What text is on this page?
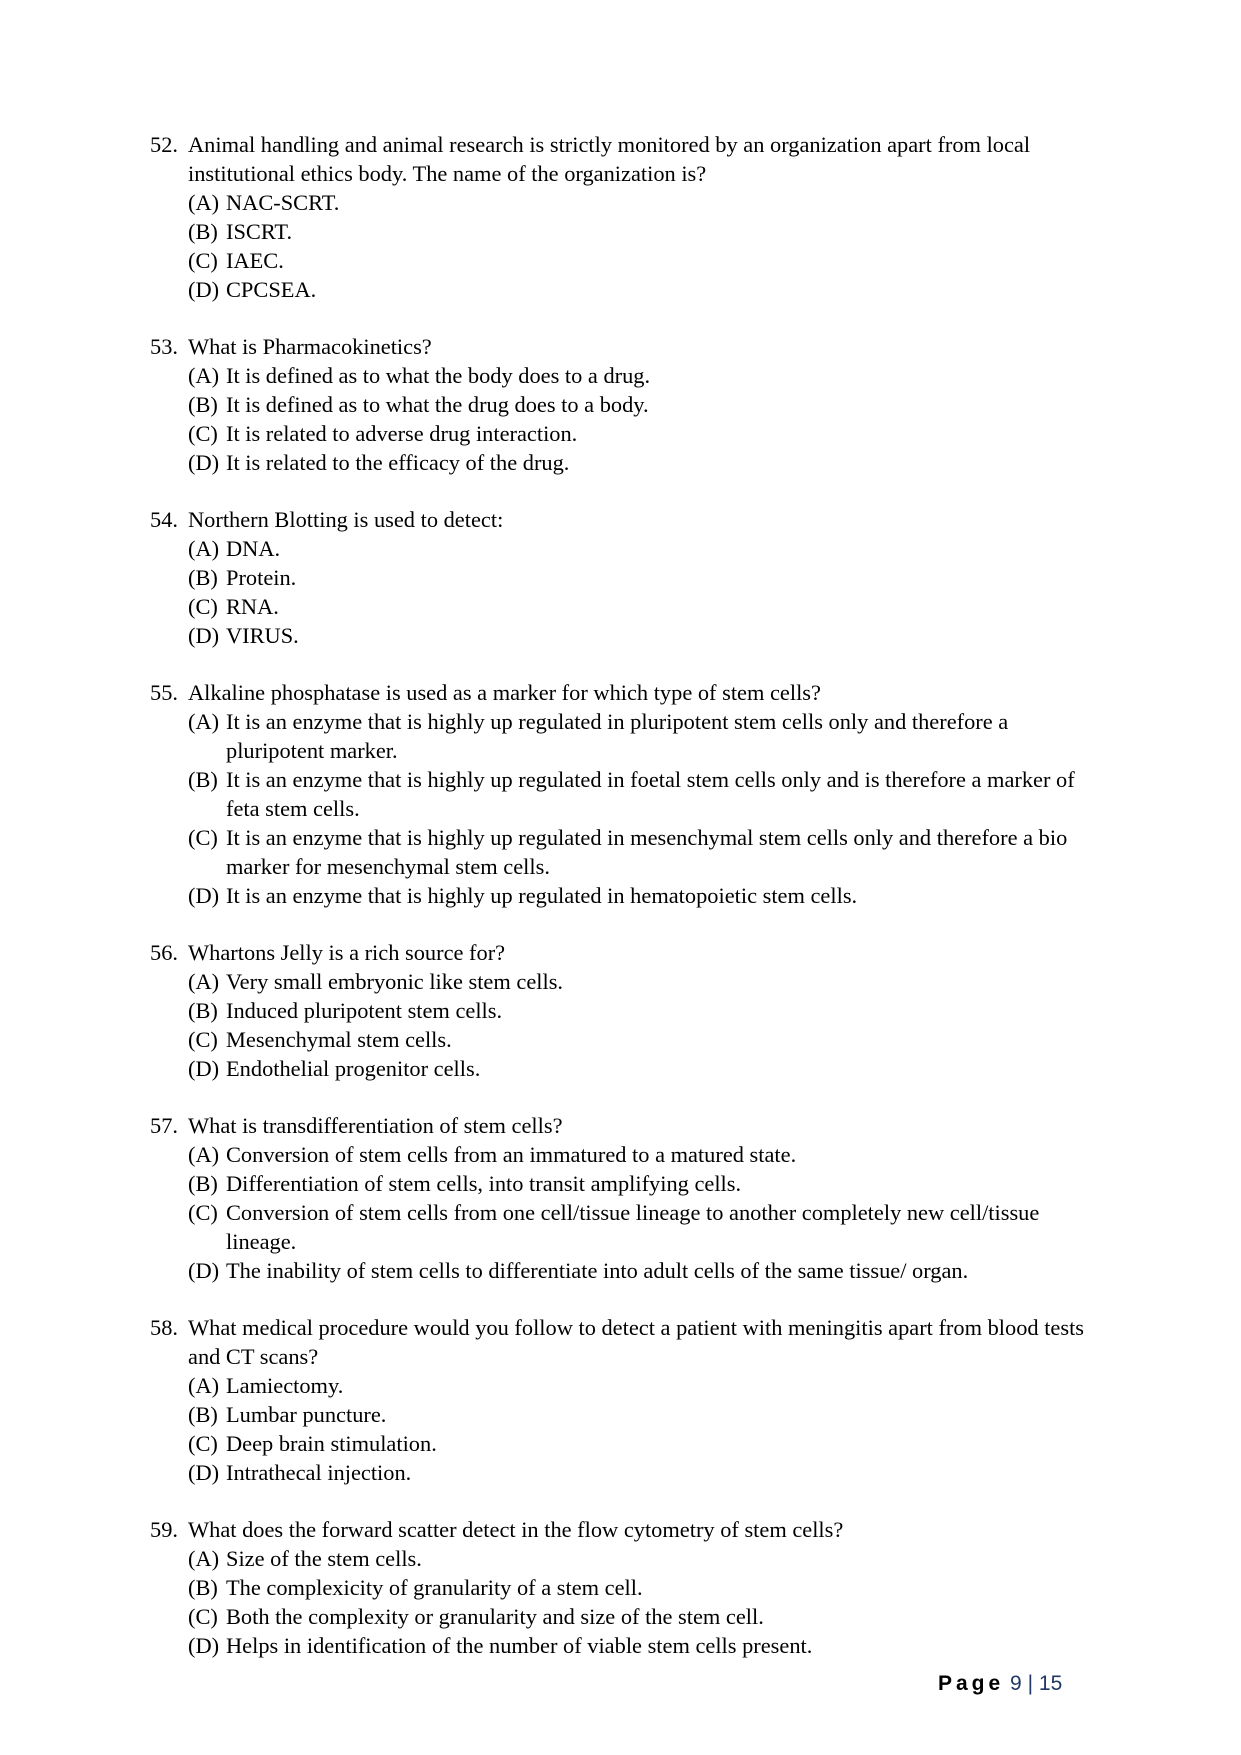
52. Animal handling and animal research is strictly monitored by an organization apart from local institutional ethics body. The name of the organization is?
(A) NAC-SCRT.
(B) ISCRT.
(C) IAEC.
(D) CPCSEA.
53. What is Pharmacokinetics?
(A) It is defined as to what the body does to a drug.
(B) It is defined as to what the drug does to a body.
(C) It is related to adverse drug interaction.
(D) It is related to the efficacy of the drug.
54. Northern Blotting is used to detect:
(A) DNA.
(B) Protein.
(C) RNA.
(D) VIRUS.
55. Alkaline phosphatase is used as a marker for which type of stem cells?
(A) It is an enzyme that is highly up regulated in pluripotent stem cells only and therefore a pluripotent marker.
(B) It is an enzyme that is highly up regulated in foetal stem cells only and is therefore a marker of feta stem cells.
(C) It is an enzyme that is highly up regulated in mesenchymal stem cells only and therefore a bio marker for mesenchymal stem cells.
(D) It is an enzyme that is highly up regulated in hematopoietic stem cells.
56. Whartons Jelly is a rich source for?
(A) Very small embryonic like stem cells.
(B) Induced pluripotent stem cells.
(C) Mesenchymal stem cells.
(D) Endothelial progenitor cells.
57. What is transdifferentiation of stem cells?
(A) Conversion of stem cells from an immatured to a matured state.
(B) Differentiation of stem cells, into transit amplifying cells.
(C) Conversion of stem cells from one cell/tissue lineage to another completely new cell/tissue lineage.
(D) The inability of stem cells to differentiate into adult cells of the same tissue/ organ.
58. What medical procedure would you follow to detect a patient with meningitis apart from blood tests and CT scans?
(A) Lamiectomy.
(B) Lumbar puncture.
(C) Deep brain stimulation.
(D) Intrathecal injection.
59. What does the forward scatter detect in the flow cytometry of stem cells?
(A) Size of the stem cells.
(B) The complexicity of granularity of a stem cell.
(C) Both the complexity or granularity and size of the stem cell.
(D) Helps in identification of the number of viable stem cells present.
Page 9 | 15
